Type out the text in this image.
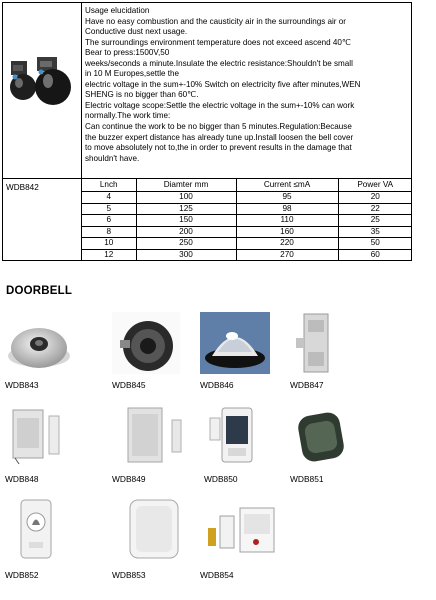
Usage elucidation
Have no easy combustion and the causticity air in the surroundings air or
Conductive dust next usage.
The surroundings environment temperature does not exceed ascend 40℃
Bear to press:1500V,50
weeks/seconds a minute.Insulate the electric resistance:Shouldn't be small
in 10 M Europes,settle the
electric voltage in the sum+-10% Switch on electricity five after minutes,WEN
SHENG is no bigger than 60℃.
Electric voltage scope:Settle the electric voltage in the sum+-10% can work
normally.The work time:
Can continue the work to be no bigger than 5 minutes.Regulation:Because
the buzzer expert distance has already tune up.Install loosen the bell cover
to move absolutely not to,the in order to prevent results in the damage that
shouldn't have.
WDB842	Lnch	Diamter mm	Current ≤mA	Power VA
4	100	95	20
5	125	98	22
6	150	110	25
8	200	160	35
10	250	220	50
12	300	270	60
DOORBELL
WDB843	WDB845	WDB846	WDB847
WDB848	WDB849	WDB850	WDB851
WDB852	WDB853	WDB854
